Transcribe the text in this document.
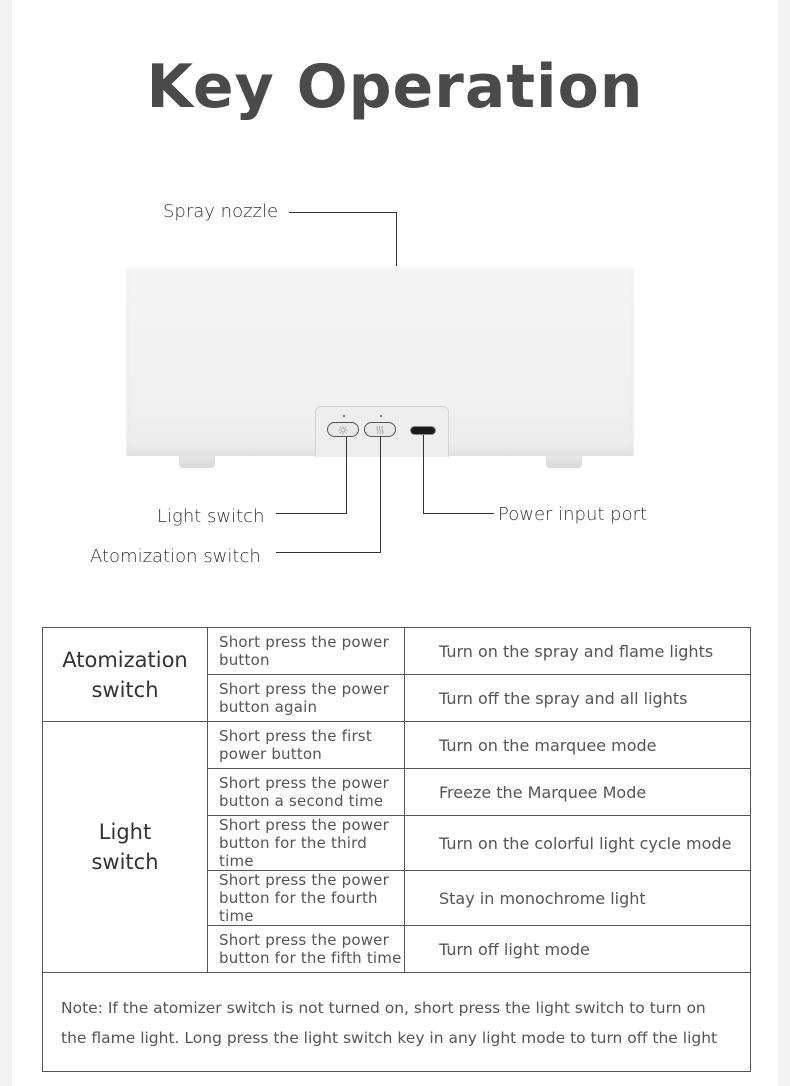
Key Operation
Spray nozzle
Light switch
Atomization switch
Power input port
Atomization
switch	Short press the power button	Turn on the spray and flame lights
	Short press the power button again	Turn off the spray and all lights
Light
switch	Short press the first power button	Turn on the marquee mode
	Short press the power button a second time	Freeze the Marquee Mode
	Short press the power button for the third time	Turn on the colorful light cycle mode
	Short press the power button for the fourth time	Stay in monochrome light
	Short press the power button for the fifth time	Turn off light mode
Note: If the atomizer switch is not turned on, short press the light switch to turn on the flame light. Long press the light switch key in any light mode to turn off the light		
